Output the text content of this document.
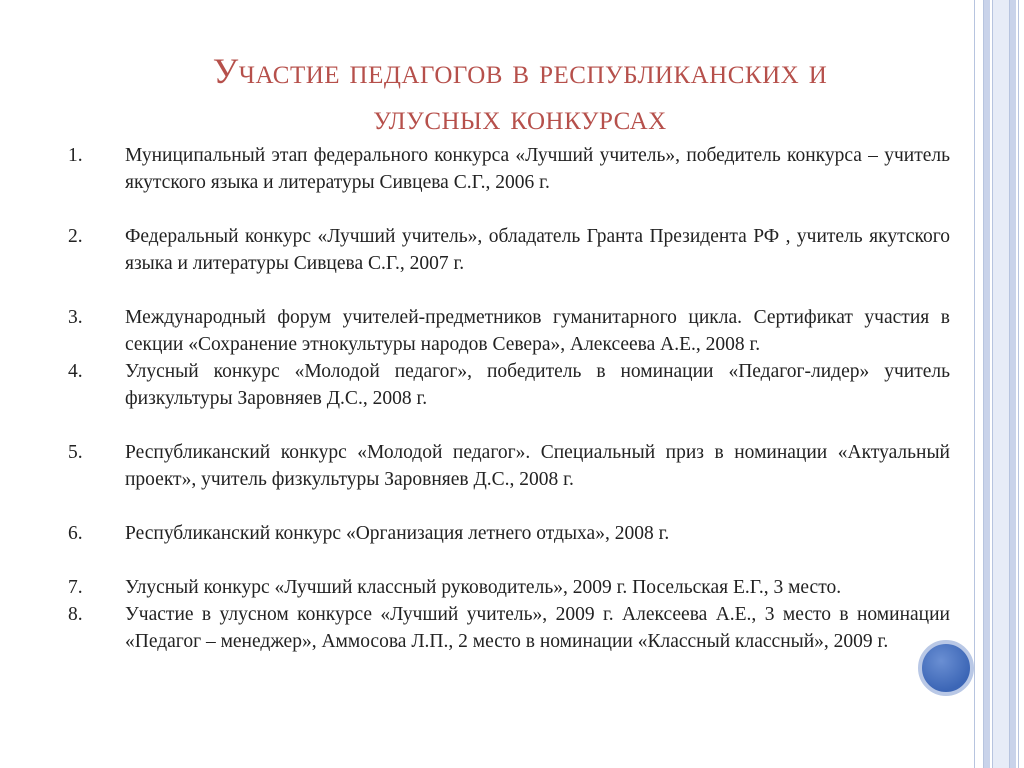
Участие педагогов в республиканских и
улусных конкурсах
1.	Муниципальный этап федерального конкурса «Лучший учитель», победитель конкурса – учитель якутского языка и литературы Сивцева С.Г., 2006 г.
2.	Федеральный конкурс «Лучший учитель», обладатель Гранта Президента РФ , учитель якутского языка и литературы Сивцева С.Г., 2007 г.
3.	Международный форум учителей-предметников гуманитарного цикла. Сертификат участия в секции «Сохранение этнокультуры народов Севера», Алексеева А.Е., 2008 г.
4.	Улусный конкурс «Молодой педагог», победитель в номинации «Педагог-лидер» учитель физкультуры Заровняев Д.С., 2008 г.
5.	Республиканский конкурс «Молодой педагог». Специальный приз в номинации «Актуальный проект», учитель физкультуры Заровняев Д.С., 2008 г.
6.	Республиканский конкурс «Организация летнего отдыха», 2008 г.
7.	Улусный конкурс «Лучший классный руководитель», 2009 г. Посельская Е.Г., 3 место.
8.	Участие в улусном конкурсе «Лучший учитель», 2009 г. Алексеева А.Е., 3 место в номинации «Педагог – менеджер», Аммосова Л.П., 2 место в номинации «Классный классный», 2009 г.
